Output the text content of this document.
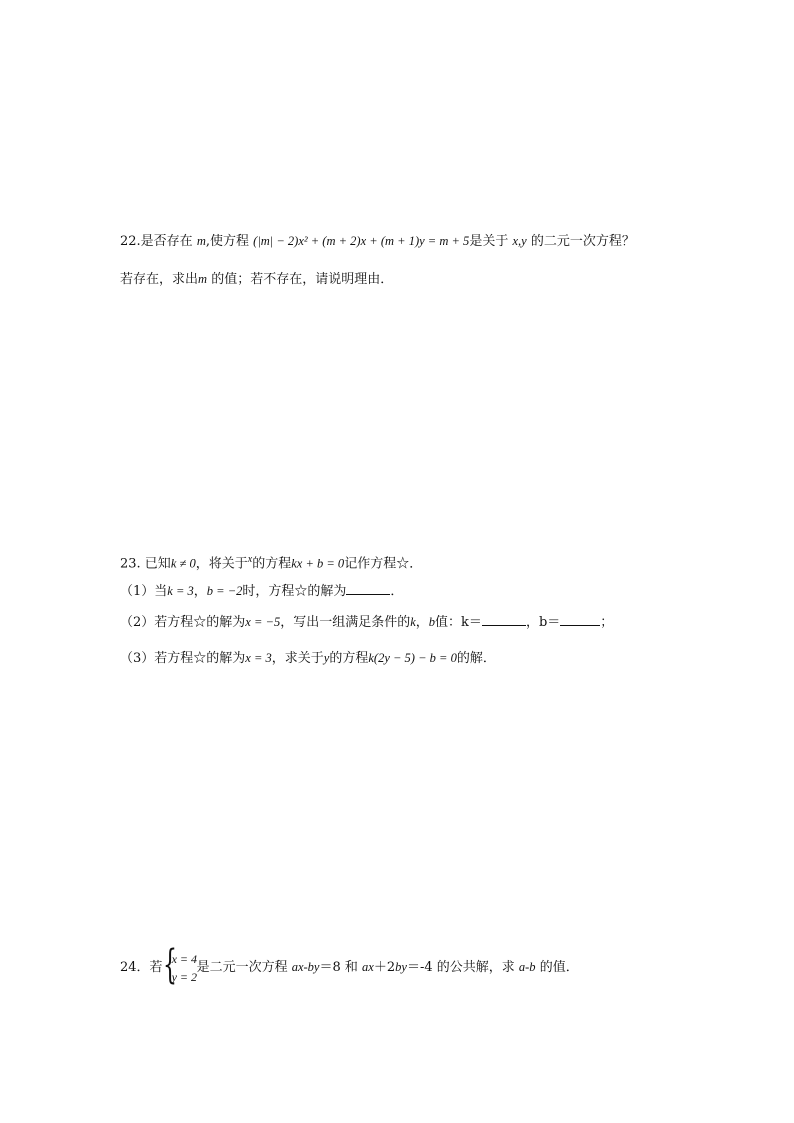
22.是否存在 m,使方程 (|m| − 2)x² + (m + 2)x + (m + 1)y = m + 5是关于 x,y 的二元一次方程？
若存在，求出m 的值；若不存在，请说明理由．
23. 已知k ≠ 0，将关于$^x$的方程kx + b = 0记作方程☆．
（1）当k = 3，b = −2时，方程☆的解为	．
（2）若方程☆的解为x = −5，写出一组满足条件的k，b值：k＝	，b＝	；
（3）若方程☆的解为x = 3，求关于y的方程k(2y − 5) − b = 0的解．
24．若 {
x = 4
y = 2
是二元一次方程 ax-by＝8 和 ax＋2by＝-4 的公共解，求 a-b 的值．
